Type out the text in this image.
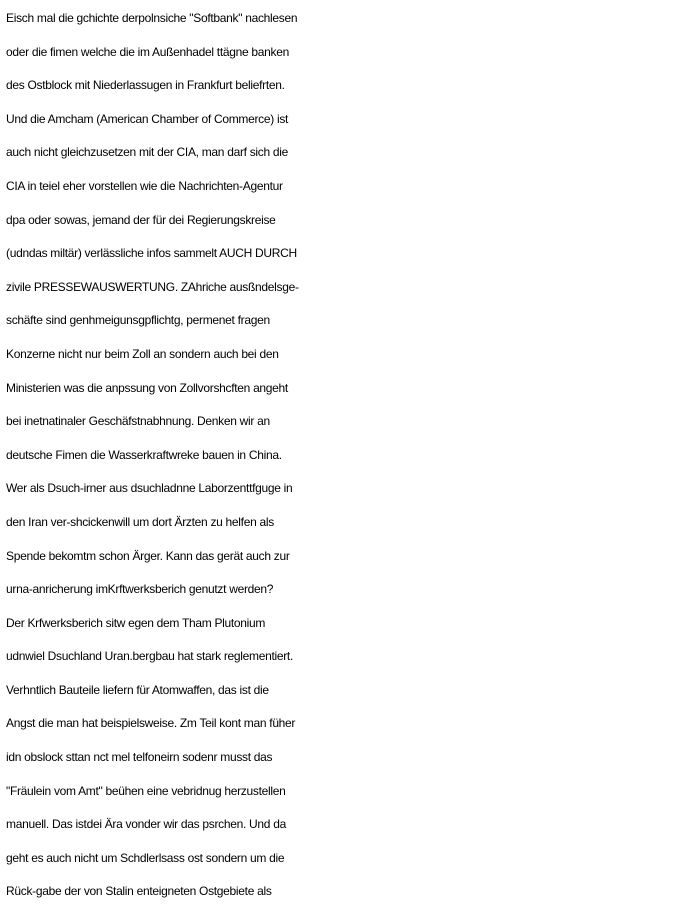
Eisch mal die gchichte derpolnsiche "Softbank" nachlesen
oder die fimen welche die im Außenhadel ttägne banken
des Ostblock mit Niederlassugen in Frankfurt beliefrten.
Und die Amcham (American Chamber of Commerce) ist
auch nicht gleichzusetzen mit der CIA, man darf sich die
CIA in teiel eher vorstellen wie die Nachrichten-Agentur
dpa oder sowas, jemand der für dei Regierungskreise
(udndas miltär) verlässliche infos sammelt AUCH DURCH
zivile PRESSEWAUSWERTUNG. ZAhriche ausßndelsge-
schäfte sind genhmeigunsgpflichtg, permenet fragen
Konzerne nicht nur beim Zoll an sondern auch bei den
Ministerien was die anpssung von Zollvorshcften angeht
bei inetnatinaler Geschäfstnabhnung. Denken wir an
deutsche Fimen die Wasserkraftwreke bauen in China.
Wer als Dsuch-irner aus dsuchladnne Laborzenttfguge in
den Iran ver-shcickenwill um dort Ärzten zu helfen als
Spende bekomtm schon Ärger. Kann das gerät auch zur
urna-anricherung imKrftwerksberich genutzt werden?
Der Krfwerksberich sitw egen dem Tham Plutonium
udnwiel Dsuchland Uran.bergbau hat stark reglementiert.
Verhntlich Bauteile liefern für Atomwaffen, das ist die
Angst die man hat beispielsweise. Zm Teil kont man füher
idn obslock sttan nct mel telfoneirn sodenr musst das
"Fräulein vom Amt" beühen eine vebridnug herzustellen
manuell. Das istdei Ära vonder wir das psrchen. Und da
geht es auch nicht um Schdlerlsass ost sondern um die
Rück-gabe der von Stalin enteigneten Ostgebiete als
